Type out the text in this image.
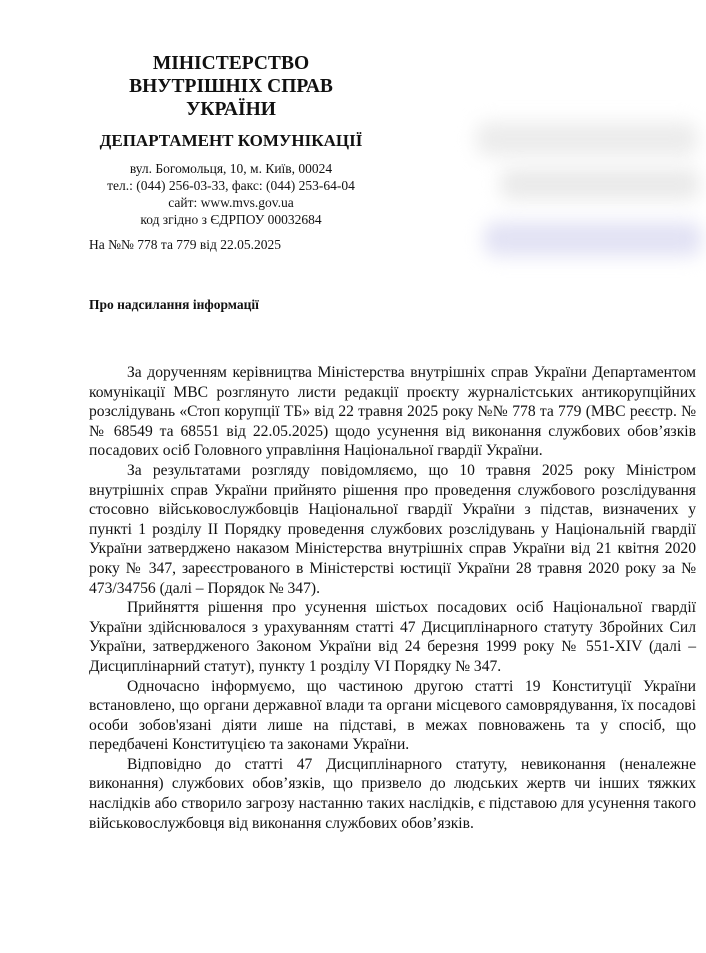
МІНІСТЕРСТВО
ВНУТРІШНІХ СПРАВ
УКРАЇНИ
ДЕПАРТАМЕНТ КОМУНІКАЦІЇ
вул. Богомольця, 10, м. Київ, 00024
тел.: (044) 256-03-33, факс: (044) 253-64-04
сайт: www.mvs.gov.ua
код згідно з ЄДРПОУ 00032684
На №№ 778 та 779 від 22.05.2025
Про надсилання інформації

За дорученням керівництва Міністерства внутрішніх справ України Департаментом комунікації МВС розглянуто листи редакції проєкту журналістських антикорупційних розслідувань «Стоп корупції ТБ» від 22 травня 2025 року №№ 778 та 779 (МВС реєстр. №№ 68549 та 68551 від 22.05.2025) щодо усунення від виконання службових обов’язків посадових осіб Головного управління Національної гвардії України.

За результатами розгляду повідомляємо, що 10 травня 2025 року Міністром внутрішніх справ України прийнято рішення про проведення службового розслідування стосовно військовослужбовців Національної гвардії України з підстав, визначених у пункті 1 розділу II Порядку проведення службових розслідувань у Національній гвардії України затверджено наказом Міністерства внутрішніх справ України від 21 квітня 2020 року № 347, зареєстрованого в Міністерстві юстиції України 28 травня 2020 року за № 473/34756 (далі – Порядок № 347).

Прийняття рішення про усунення шістьох посадових осіб Національної гвардії України здійснювалося з урахуванням статті 47 Дисциплінарного статуту Збройних Сил України, затвердженого Законом України від 24 березня 1999 року № 551-XIV (далі – Дисциплінарний статут), пункту 1 розділу VI Порядку № 347.

Одночасно інформуємо, що частиною другою статті 19 Конституції України встановлено, що органи державної влади та органи місцевого самоврядування, їх посадові особи зобов'язані діяти лише на підставі, в межах повноважень та у спосіб, що передбачені Конституцією та законами України.

Відповідно до статті 47 Дисциплінарного статуту, невиконання (неналежне виконання) службових обов’язків, що призвело до людських жертв чи інших тяжких наслідків або створило загрозу настанню таких наслідків, є підставою для усунення такого військовослужбовця від виконання службових обов’язків.
